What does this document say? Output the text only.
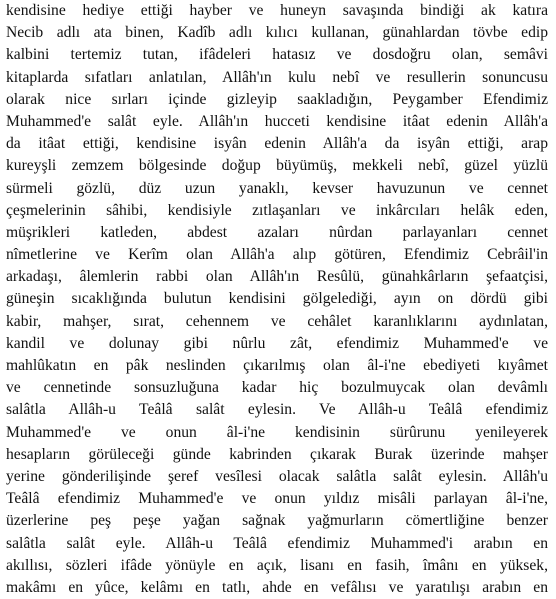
kendisine hediye ettiği hayber ve huneyn savaşında bindiği ak katıra
Necib adlı ata binen, Kadîb adlı kılıcı kullanan, günahlardan tövbe edip
kalbini tertemiz tutan, ifâdeleri hatasız ve dosdoğru olan, semâvi
kitaplarda sıfatları anlatılan, Allâh'ın kulu nebî ve resullerin sonuncusu
olarak nice sırları içinde gizleyip saakladığın, Peygamber Efendimiz
Muhammed'e salât eyle. Allâh'ın hucceti kendisine itâat edenin Allâh'a
da itâat ettiği, kendisine isyân edenin Allâh'a da isyân ettiği, arap
kureyşli zemzem bölgesinde doğup büyümüş, mekkeli nebî, güzel yüzlü
sürmeli gözlü, düz uzun yanaklı, kevser havuzunun ve cennet
çeşmelerinin sâhibi, kendisiyle zıtlaşanları ve inkârcıları helâk eden,
müşrikleri katleden, abdest azaları nûrdan parlayanları cennet
nîmetlerine ve Kerîm olan Allâh'a alıp götüren, Efendimiz Cebrâil'in
arkadaşı, âlemlerin rabbi olan Allâh'ın Resûlü, günahkârların şefaatçisi,
güneşin sıcaklığında bulutun kendisini gölgelediği, ayın on dördü gibi
kabir, mahşer, sırat, cehennem ve cehâlet karanlıklarını aydınlatan,
kandil ve dolunay gibi nûrlu zât, efendimiz Muhammed'e ve
mahlûkatın en pâk neslinden çıkarılmış olan âl-i'ne ebediyeti kıyâmet
ve cennetinde sonsuzluğuna kadar hiç bozulmuycak olan devâmlı
salâtla Allâh-u Teâlâ salât eylesin. Ve Allâh-u Teâlâ efendimiz
Muhammed'e ve onun âl-i'ne kendisinin sürûrunu yenileyerek
hesapların görüleceği günde kabrinden çıkarak Burak üzerinde mahşer
yerine gönderilişinde şeref vesîlesi olacak salâtla salât eylesin. Allâh'u
Teâlâ efendimiz Muhammed'e ve onun yıldız misâli parlayan âl-i'ne,
üzerlerine peş peşe yağan sağnak yağmurların cömertliğine benzer
salâtla salât eyle. Allâh-u Teâlâ efendimiz Muhammed'i arabın en
akıllısı, sözleri ifâde yönüyle en açık, lisanı en fasih, îmânı en yüksek,
makâmı en yûce, kelâmı en tatlı, ahde en vefâlısı ve yaratılışı arabın en
